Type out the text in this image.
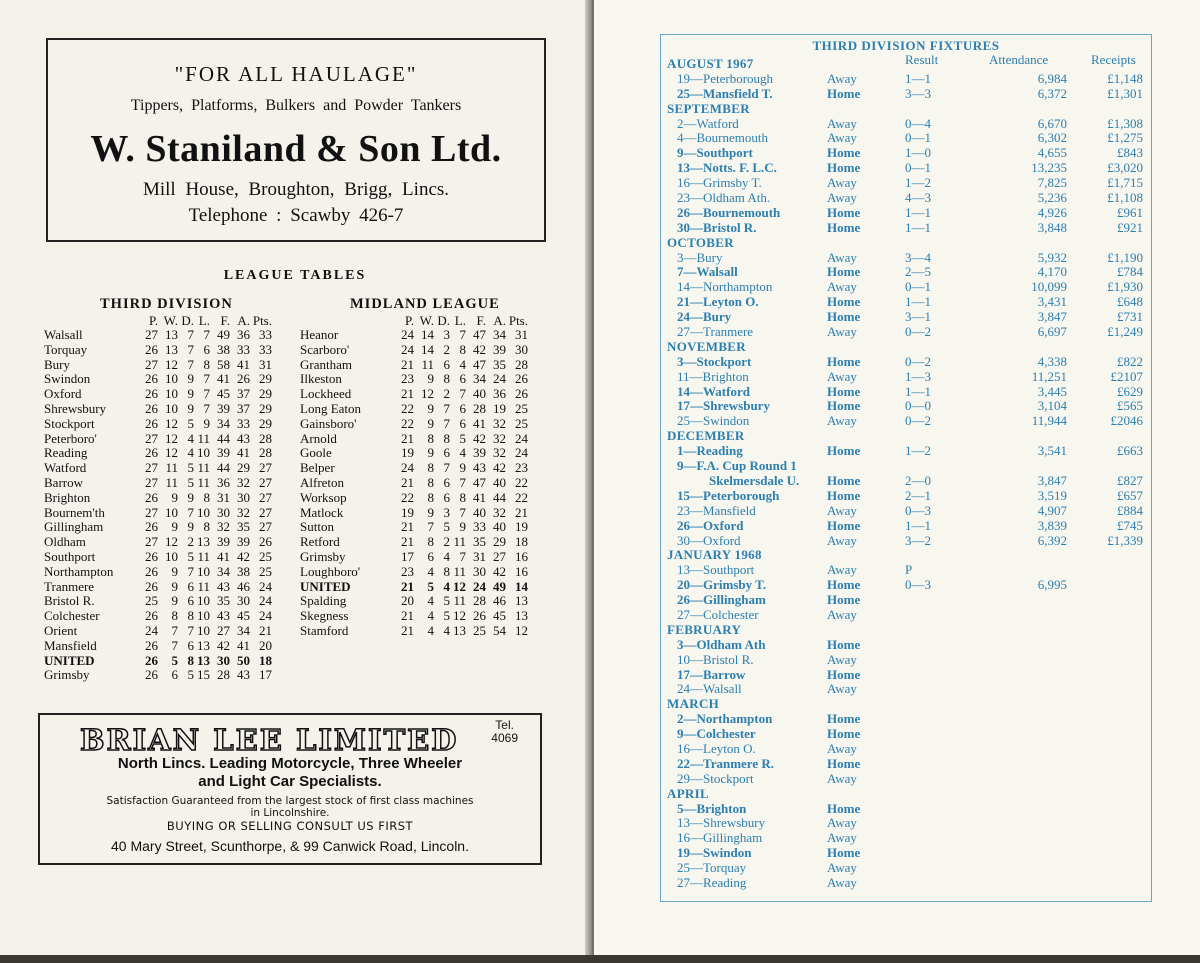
"FOR ALL HAULAGE"
Tippers, Platforms, Bulkers and Powder Tankers
W. Staniland & Son Ltd.
Mill House, Broughton, Brigg, Lincs.
Telephone : Scawby 426-7
LEAGUE TABLES
THIRD DIVISION
P. W. D. L. F. A. Pts.
Walsall	27 13 7 7 49 36 33
Torquay	26 13 7 6 38 33 33
Bury	27 12 7 8 58 41 31
Swindon	26 10 9 7 41 26 29
Oxford	26 10 9 7 45 37 29
Shrewsbury	26 10 9 7 39 37 29
Stockport	26 12 5 9 34 33 29
Peterboro'	27 12 4 11 44 43 28
Reading	26 12 4 10 39 41 28
Watford	27 11 5 11 44 29 27
Barrow	27 11 5 11 36 32 27
Brighton	26 9 9 8 31 30 27
Bournem'th	27 10 7 10 30 32 27
Gillingham	26 9 9 8 32 35 27
Oldham	27 12 2 13 39 39 26
Southport	26 10 5 11 41 42 25
Northampton 26 9 7 10 34 38 25
Tranmere	26 9 6 11 43 46 24
Bristol R.	25 9 6 10 35 30 24
Colchester	26 8 8 10 43 45 24
Orient	24 7 7 10 27 34 21
Mansfield	26 7 6 13 42 41 20
UNITED	26 5 8 13 30 50 18
Grimsby	26 6 5 15 28 43 17
MIDLAND LEAGUE
P. W. D. L. F. A. Pts.
Heanor	24 14 3 7 47 34 31
Scarboro'	24 14 2 8 42 39 30
Grantham	21 11 6 4 47 35 28
Ilkeston	23 9 8 6 34 24 26
Lockheed	21 12 2 7 40 36 26
Long Eaton	22 9 7 6 28 19 25
Gainsboro'	22 9 7 6 41 32 25
Arnold	21 8 8 5 42 32 24
Goole	19 9 6 4 39 32 24
Belper	24 8 7 9 43 42 23
Alfreton	21 8 6 7 47 40 22
Worksop	22 8 6 8 41 44 22
Matlock	19 9 3 7 40 32 21
Sutton	21 7 5 9 33 40 19
Retford	21 8 2 11 35 29 18
Grimsby	17 6 4 7 31 27 16
Loughboro'	23 4 8 11 30 42 16
UNITED	21 5 4 12 24 49 14
Spalding	20 4 5 11 28 46 13
Skegness	21 4 5 12 26 45 13
Stamford	21 4 4 13 25 54 12
BRIAN LEE LIMITED	Tel.
4069
North Lincs. Leading Motorcycle, Three Wheeler
and Light Car Specialists.
Satisfaction Guaranteed from the largest stock of first class machines
in Lincolnshire.
BUYING OR SELLING CONSULT US FIRST
40 Mary Street, Scunthorpe, & 99 Canwick Road, Lincoln.
THIRD DIVISION FIXTURES
Result	Attendance	Receipts
AUGUST 1967
19—Peterborough	Away	1—1	6,984	£1,148
25—Mansfield T.	Home	3—3	6,372	£1,301
SEPTEMBER
2—Watford	Away	0—4	6,670	£1,308
4—Bournemouth	Away	0—1	6,302	£1,275
9—Southport	Home	1—0	4,655	£843
13—Notts. F. L.C.	Home	0—1	13,235	£3,020
16—Grimsby T.	Away	1—2	7,825	£1,715
23—Oldham Ath.	Away	4—3	5,236	£1,108
26—Bournemouth	Home	1—1	4,926	£961
30—Bristol R.	Home	1—1	3,848	£921
OCTOBER
3—Bury	Away	3—4	5,932	£1,190
7—Walsall	Home	2—5	4,170	£784
14—Northampton	Away	0—1	10,099	£1,930
21—Leyton O.	Home	1—1	3,431	£648
24—Bury	Home	3—1	3,847	£731
27—Tranmere	Away	0—2	6,697	£1,249
NOVEMBER
3—Stockport	Home	0—2	4,338	£822
11—Brighton	Away	1—3	11,251	£2107
14—Watford	Home	1—1	3,445	£629
17—Shrewsbury	Home	0—0	3,104	£565
25—Swindon	Away	0—2	11,944	£2046
DECEMBER
1—Reading	Home	1—2	3,541	£663
9—F.A. Cup Round 1
Skelmersdale U. Home	2—0	3,847	£827
15—Peterborough	Home	2—1	3,519	£657
23—Mansfield	Away	0—3	4,907	£884
26—Oxford	Home	1—1	3,839	£745
30—Oxford	Away	3—2	6,392	£1,339
JANUARY 1968
13—Southport	Away	P
20—Grimsby T.	Home	0—3	6,995
26—Gillingham	Home
27—Colchester	Away
FEBRUARY
3—Oldham Ath	Home
10—Bristol R.	Away
17—Barrow	Home
24—Walsall	Away
MARCH
2—Northampton	Home
9—Colchester	Home
16—Leyton O.	Away
22—Tranmere R.	Home
29—Stockport	Away
APRIL
5—Brighton	Home
13—Shrewsbury	Away
16—Gillingham	Away
19—Swindon	Home
25—Torquay	Away
27—Reading	Away
